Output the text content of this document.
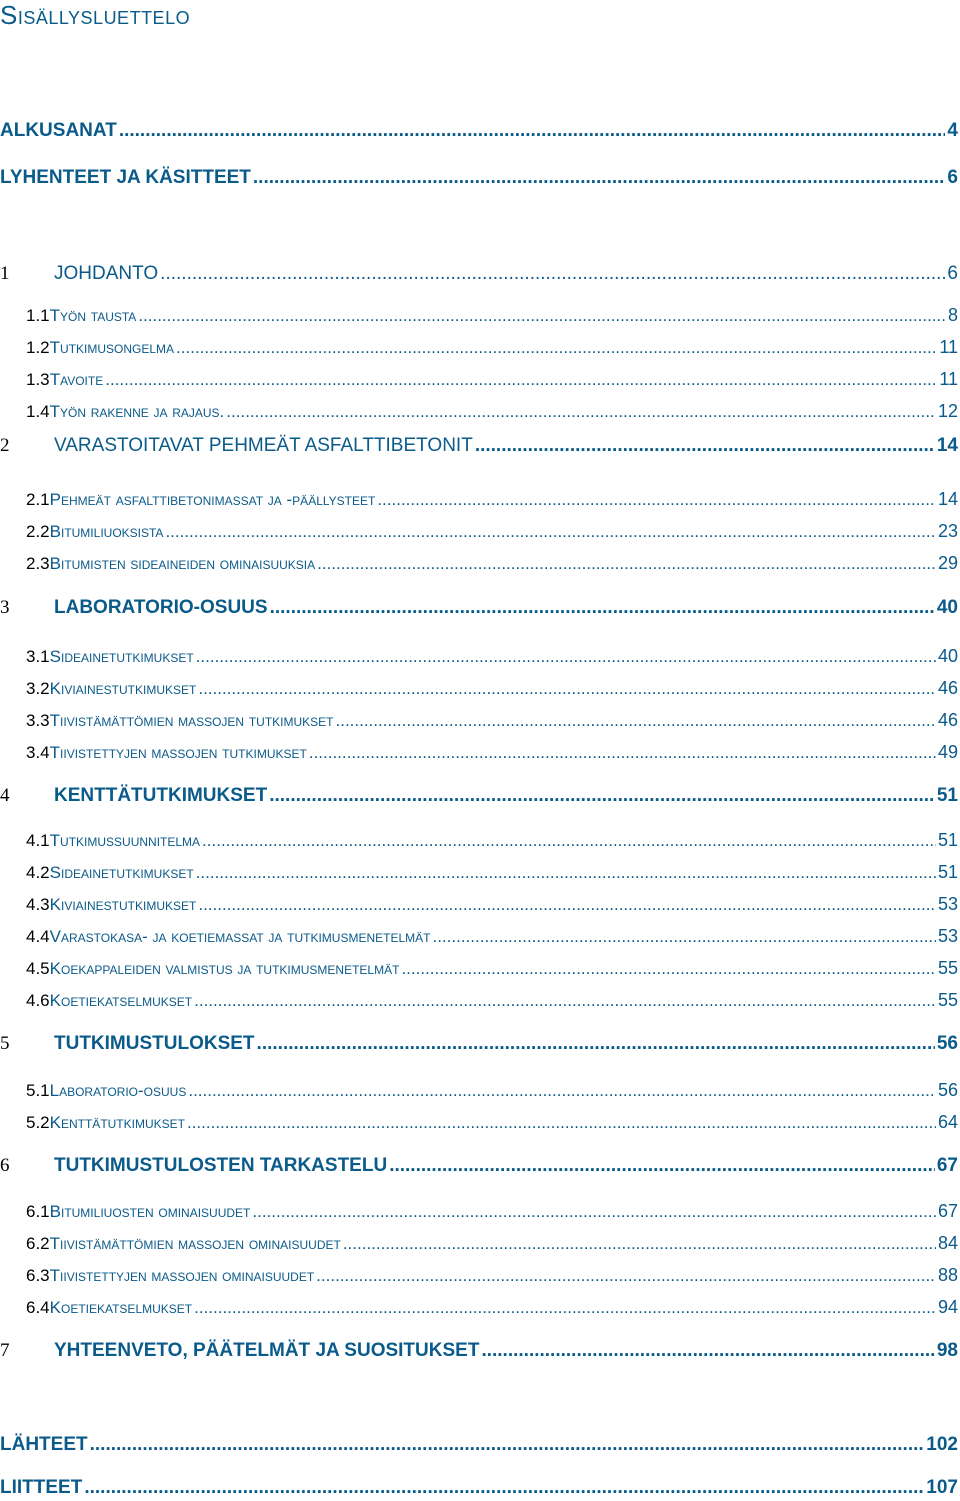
Sisällysluettelo
ALKUSANAT .....	4
LYHENTEET JA KÄSITTEET .....	6
1	JOHDANTO .....	6
1.1 Työn tausta .....	8
1.2 Tutkimusongelma .....	11
1.3 Tavoite .....	11
1.4 Työn rakenne ja rajaus. .....	12
2	VARASTOITAVAT PEHMEÄT ASFALTTIBETONIT .....	14
2.1 Pehmeät asfalttibetonimassat ja -päällysteet .....	14
2.2 Bitumiliuoksista .....	23
2.3 Bitumisten sideaineiden ominaisuuksia .....	29
3	LABORATORIO-OSUUS .....	40
3.1 Sideainetutkimukset .....	40
3.2 Kiviainestutkimukset .....	46
3.3 Tiivistämättömien massojen tutkimukset .....	46
3.4 Tiivistettyjen massojen tutkimukset .....	49
4	KENTTÄTUTKIMUKSET .....	51
4.1 Tutkimussuunnitelma .....	51
4.2 Sideainetutkimukset .....	51
4.3 Kiviainestutkimukset .....	53
4.4 Varastokasa- ja koetiemassat ja tutkimusmenetelmät .....	53
4.5 Koekappaleiden valmistus ja tutkimusmenetelmät .....	55
4.6 Koetiekatselmukset .....	55
5	TUTKIMUSTULOKSET .....	56
5.1 Laboratorio-osuus .....	56
5.2 Kenttätutkimukset .....	64
6	TUTKIMUSTULOSTEN TARKASTELU .....	67
6.1 Bitumiliuosten ominaisuudet .....	67
6.2 Tiivistämättömien massojen ominaisuudet .....	84
6.3 Tiivistettyjen massojen ominaisuudet .....	88
6.4 Koetiekatselmukset .....	94
7	YHTEENVETO, PÄÄTELMÄT JA SUOSITUKSET .....	98
LÄHTEET .....	102
LIITTEET .....	107
